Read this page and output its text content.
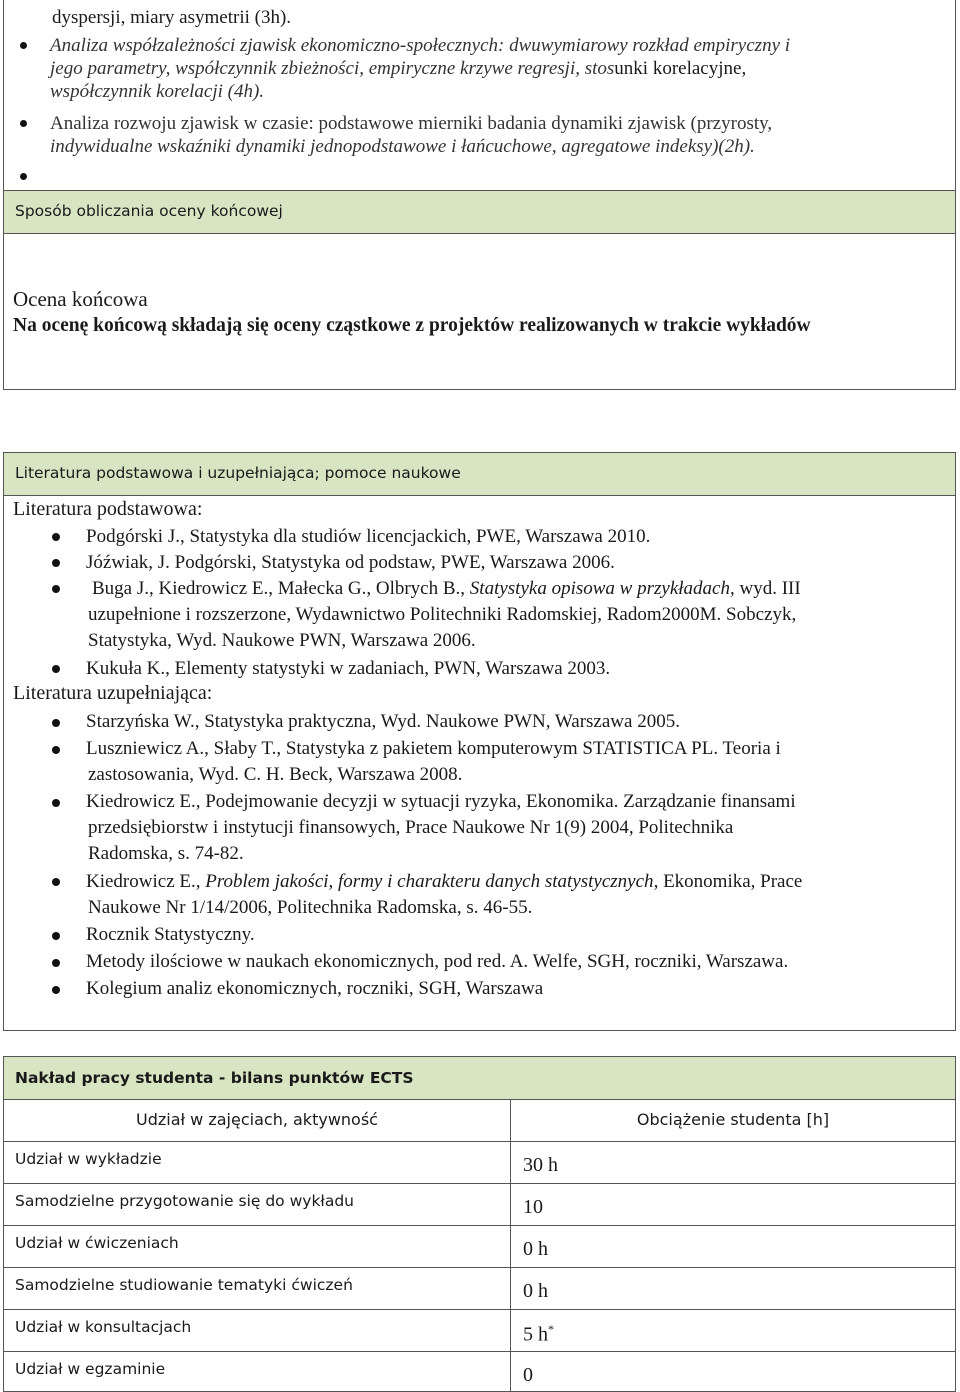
dyspersji, miary asymetrii (3h).
Analiza współzależności zjawisk ekonomiczno-społecznych: dwuwymiarowy rozkład empiryczny i
jego parametry, współczynnik zbieżności, empiryczne krzywe regresji, stosunki korelacyjne,
współczynnik korelacji (4h).
Analiza rozwoju zjawisk w czasie: podstawowe mierniki badania dynamiki zjawisk (przyrosty,
indywidualne wskaźniki dynamiki jednopodstawowe i łańcuchowe, agregatowe indeksy)(2h).
Sposób obliczania oceny końcowej
Ocena końcowa
Na ocenę końcową składają się oceny cząstkowe z projektów realizowanych w trakcie wykładów
Literatura podstawowa i uzupełniająca; pomoce naukowe
Literatura podstawowa:
Podgórski J., Statystyka dla studiów licencjackich, PWE, Warszawa 2010.
Jóźwiak, J. Podgórski, Statystyka od podstaw, PWE, Warszawa 2006.
Buga J., Kiedrowicz E., Małecka G., Olbrych B., Statystyka opisowa w przykładach, wyd. III
uzupełnione i rozszerzone, Wydawnictwo Politechniki Radomskiej, Radom2000M. Sobczyk,
Statystyka, Wyd. Naukowe PWN, Warszawa 2006.
Kukuła K., Elementy statystyki w zadaniach, PWN, Warszawa 2003.
Literatura uzupełniająca:
Starzyńska W., Statystyka praktyczna, Wyd. Naukowe PWN, Warszawa 2005.
Luszniewicz A., Słaby T., Statystyka z pakietem komputerowym STATISTICA PL. Teoria i
zastosowania, Wyd. C. H. Beck, Warszawa 2008.
Kiedrowicz E., Podejmowanie decyzji w sytuacji ryzyka, Ekonomika. Zarządzanie finansami
przedsiębiorstw i instytucji finansowych, Prace Naukowe Nr 1(9) 2004, Politechnika
Radomska, s. 74-82.
Kiedrowicz E., Problem jakości, formy i charakteru danych statystycznych, Ekonomika, Prace
Naukowe Nr 1/14/2006, Politechnika Radomska, s. 46-55.
Rocznik Statystyczny.
Metody ilościowe w naukach ekonomicznych, pod red. A. Welfe, SGH, roczniki, Warszawa.
Kolegium analiz ekonomicznych, roczniki, SGH, Warszawa
Nakład pracy studenta - bilans punktów ECTS
Udział w zajęciach, aktywność	Obciążenie studenta [h]
Udział w wykładzie	30 h
Samodzielne przygotowanie się do wykładu	10
Udział w ćwiczeniach	0 h
Samodzielne studiowanie tematyki ćwiczeń	0 h
Udział w konsultacjach	5 h*
Udział w egzaminie	0
